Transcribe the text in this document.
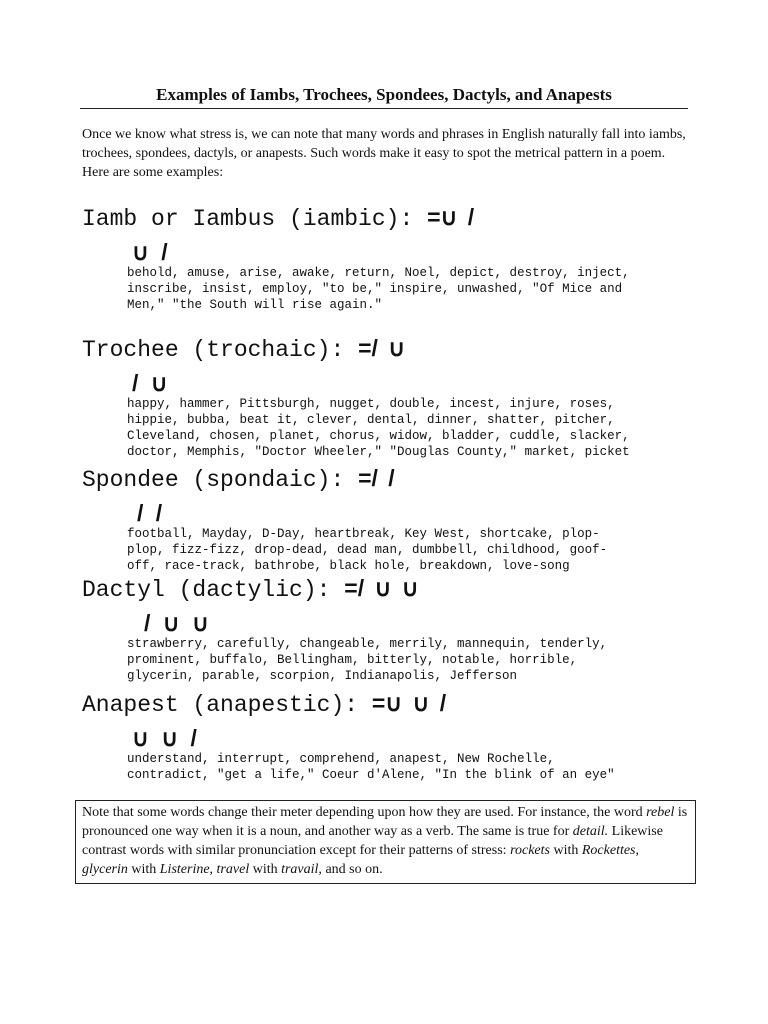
Examples of Iambs, Trochees, Spondees, Dactyls, and Anapests
Once we know what stress is, we can note that many words and phrases in English naturally fall into iambs, trochees, spondees, dactyls, or anapests. Such words make it easy to spot the metrical pattern in a poem. Here are some examples:
Iamb or Iambus (iambic): =∪ /
∪ /
behold, amuse, arise, awake, return, Noel, depict, destroy, inject,
inscribe, insist, employ, "to be," inspire, unwashed, "Of Mice and
Men," "the South will rise again."
Trochee (trochaic): =/ ∪
/ ∪
happy, hammer, Pittsburgh, nugget, double, incest, injure, roses,
hippie, bubba, beat it, clever, dental, dinner, shatter, pitcher,
Cleveland, chosen, planet, chorus, widow, bladder, cuddle, slacker,
doctor, Memphis, "Doctor Wheeler," "Douglas County," market, picket
Spondee (spondaic): =/ /
/ /
football, Mayday, D-Day, heartbreak, Key West, shortcake, plop-
plop, fizz-fizz, drop-dead, dead man, dumbbell, childhood, goof-
off, race-track, bathrobe, black hole, breakdown, love-song
Dactyl (dactylic): =/ ∪ ∪
/ ∪ ∪
strawberry, carefully, changeable, merrily, mannequin, tenderly,
prominent, buffalo, Bellingham, bitterly, notable, horrible,
glycerin, parable, scorpion, Indianapolis, Jefferson
Anapest (anapestic): =∪ ∪ /
∪ ∪ /
understand, interrupt, comprehend, anapest, New Rochelle,
contradict, "get a life," Coeur d'Alene, "In the blink of an eye"
Note that some words change their meter depending upon how they are used. For instance, the word rebel is pronounced one way when it is a noun, and another way as a verb. The same is true for detail. Likewise contrast words with similar pronunciation except for their patterns of stress: rockets with Rockettes, glycerin with Listerine, travel with travail, and so on.
